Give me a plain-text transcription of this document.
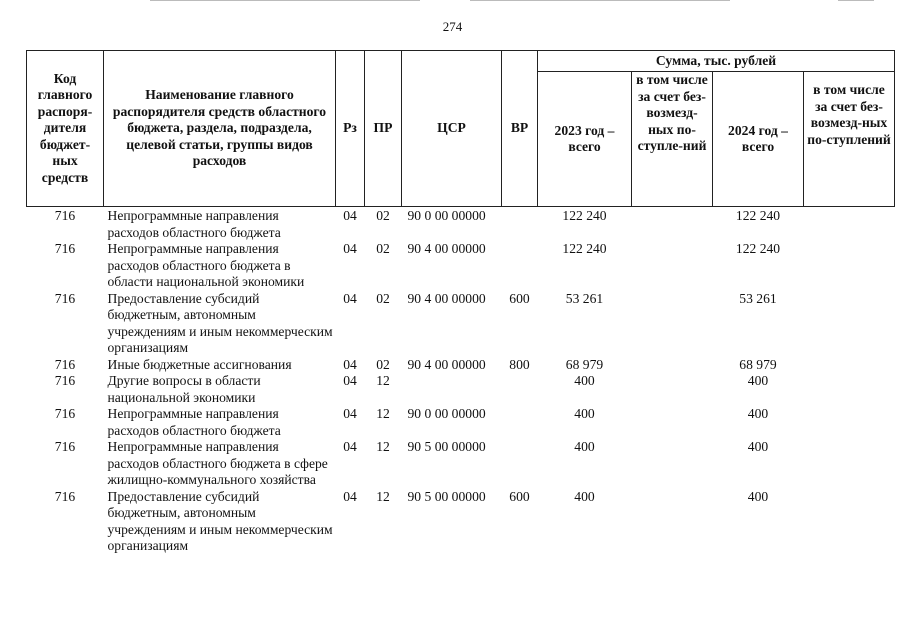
274
Код главного распоря-дителя бюджет-ных средств	Наименование главного распорядителя средств областного бюджета, раздела, подраздела, целевой статьи, группы видов расходов	Рз	ПР	ЦСР	ВР	Сумма, тыс. рублей			
						2023 год – всего	в том числе за счет без-возмезд-ных по-ступле-ний	2024 год – всего	в том числе за счет без-возмезд-ных по-ступлений
716	Непрограммные направления расходов областного бюджета	04	02	90 0 00 00000		122 240		122 240	
716	Непрограммные направления расходов областного бюджета в области национальной экономики	04	02	90 4 00 00000		122 240		122 240	
716	Предоставление субсидий бюджетным, автономным учреждениям и иным некоммерческим организациям	04	02	90 4 00 00000	600	53 261		53 261	
716	Иные бюджетные ассигнования	04	02	90 4 00 00000	800	68 979		68 979	
716	Другие вопросы в области национальной экономики	04	12			400		400	
716	Непрограммные направления расходов областного бюджета	04	12	90 0 00 00000		400		400	
716	Непрограммные направления расходов областного бюджета в сфере жилищно-коммунального хозяйства	04	12	90 5 00 00000		400		400	
716	Предоставление субсидий бюджетным, автономным учреждениям и иным некоммерческим организациям	04	12	90 5 00 00000	600	400		400	
